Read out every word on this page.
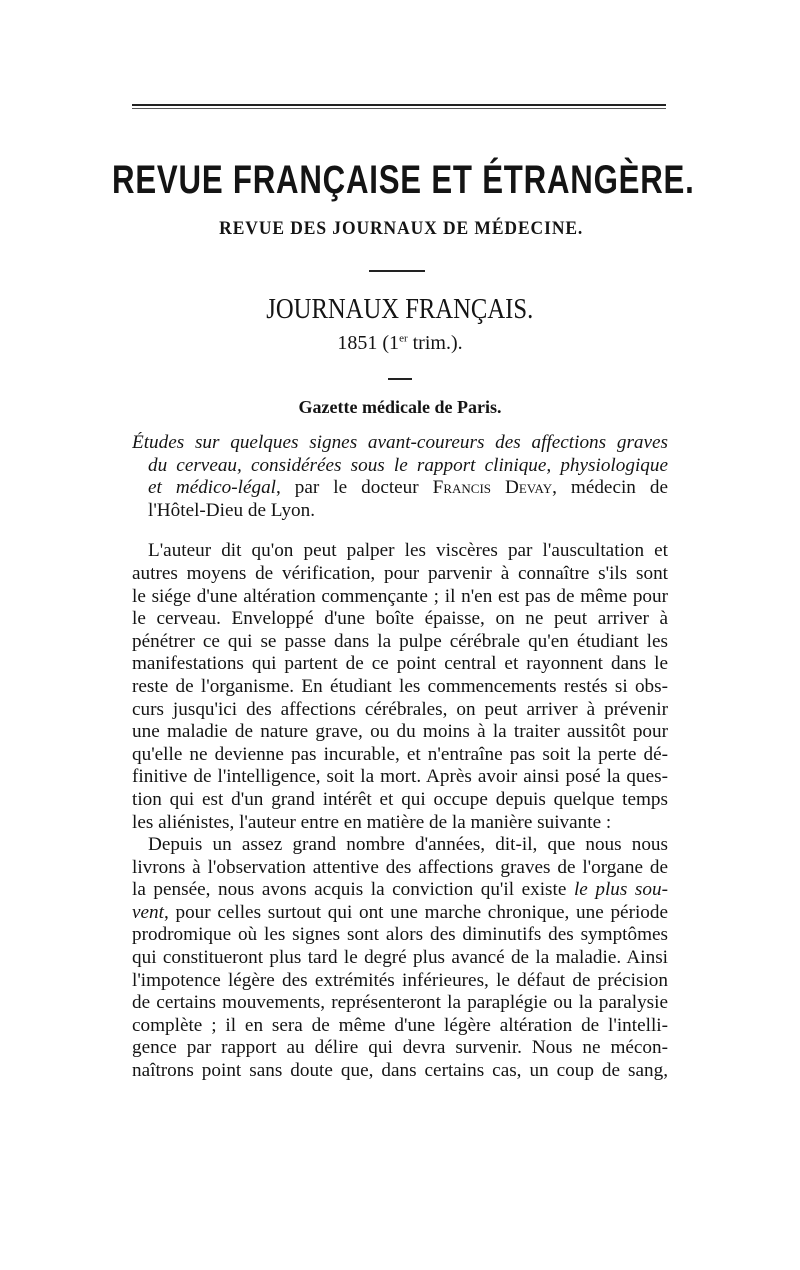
REVUE FRANÇAISE ET ÉTRANGÈRE.
REVUE DES JOURNAUX DE MÉDECINE.
JOURNAUX FRANÇAIS.
1851 (1er trim.).
Gazette médicale de Paris.
Études sur quelques signes avant-coureurs des affections graves
du cerveau, considérées sous le rapport clinique, physiologique
et médico-légal, par le docteur Francis Devay, médecin de
l'Hôtel-Dieu de Lyon.
L'auteur dit qu'on peut palper les viscères par l'auscultation et
autres moyens de vérification, pour parvenir à connaître s'ils sont
le siége d'une altération commençante ; il n'en est pas de même pour
le cerveau. Enveloppé d'une boîte épaisse, on ne peut arriver à
pénétrer ce qui se passe dans la pulpe cérébrale qu'en étudiant les
manifestations qui partent de ce point central et rayonnent dans le
reste de l'organisme. En étudiant les commencements restés si obs-
curs jusqu'ici des affections cérébrales, on peut arriver à prévenir
une maladie de nature grave, ou du moins à la traiter aussitôt pour
qu'elle ne devienne pas incurable, et n'entraîne pas soit la perte dé-
finitive de l'intelligence, soit la mort. Après avoir ainsi posé la ques-
tion qui est d'un grand intérêt et qui occupe depuis quelque temps
les aliénistes, l'auteur entre en matière de la manière suivante :
Depuis un assez grand nombre d'années, dit-il, que nous nous
livrons à l'observation attentive des affections graves de l'organe de
la pensée, nous avons acquis la conviction qu'il existe le plus sou-
vent, pour celles surtout qui ont une marche chronique, une période
prodromique où les signes sont alors des diminutifs des symptômes
qui constitueront plus tard le degré plus avancé de la maladie. Ainsi
l'impotence légère des extrémités inférieures, le défaut de précision
de certains mouvements, représenteront la paraplégie ou la paralysie
complète ; il en sera de même d'une légère altération de l'intelli-
gence par rapport au délire qui devra survenir. Nous ne mécon-
naîtrons point sans doute que, dans certains cas, un coup de sang,
